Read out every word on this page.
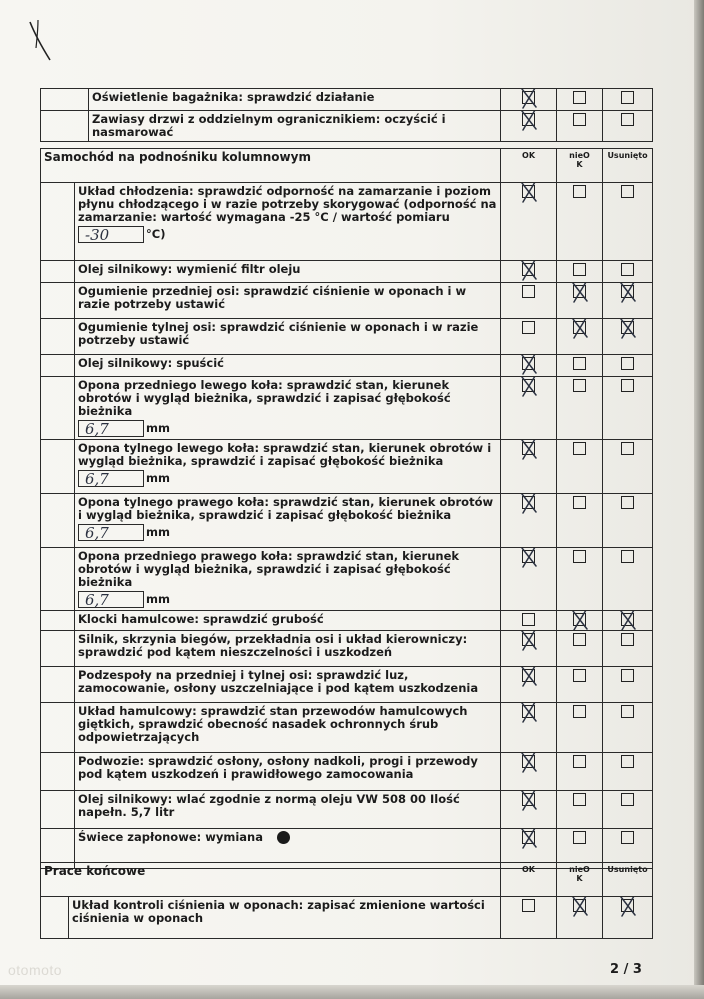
	Oświetlenie bagażnika: sprawdzić działanie	

	Zawiasy drzwi z oddzielnym ogranicznikiem: oczyścić i nasmarować	

Samochód na podnośniku kolumnowym		OK	nieO
K	Usunięto
	Układ chłodzenia: sprawdzić odporność na zamarzanie i poziom płynu chłodzącego i w razie potrzeby skorygować (odporność na zamarzanie: wartość wymagana -25 °C / wartość pomiaru
-30 °C)

	Olej silnikowy: wymienić filtr oleju	

	Ogumienie przedniej osi: sprawdzić ciśnienie w oponach i w razie potrzeby ustawić		

	Ogumienie tylnej osi: sprawdzić ciśnienie w oponach i w razie potrzeby ustawić		

	Olej silnikowy: spuścić	

	Opona przedniego lewego koła: sprawdzić stan, kierunek obrotów i wygląd bieżnika, sprawdzić i zapisać głębokość bieżnika
6,7 mm

	Opona tylnego lewego koła: sprawdzić stan, kierunek obrotów i wygląd bieżnika, sprawdzić i zapisać głębokość bieżnika
6,7 mm

	Opona tylnego prawego koła: sprawdzić stan, kierunek obrotów i wygląd bieżnika, sprawdzić i zapisać głębokość bieżnika
6,7 mm

	Opona przedniego prawego koła: sprawdzić stan, kierunek obrotów i wygląd bieżnika, sprawdzić i zapisać głębokość bieżnika
6,7 mm

	Klocki hamulcowe: sprawdzić grubość		

	Silnik, skrzynia biegów, przekładnia osi i układ kierowniczy: sprawdzić pod kątem nieszczelności i uszkodzeń	

	Podzespoły na przedniej i tylnej osi: sprawdzić luz, zamocowanie, osłony uszczelniające i pod kątem uszkodzenia	

	Układ hamulcowy: sprawdzić stan przewodów hamulcowych giętkich, sprawdzić obecność nasadek ochronnych śrub odpowietrzających	

	Podwozie: sprawdzić osłony, osłony nadkoli, progi i przewody pod kątem uszkodzeń i prawidłowego zamocowania	

	Olej silnikowy: wlać zgodnie z normą oleju VW 508 00 Ilość napełn. 5,7 litr	

	Świece zapłonowe: wymiana	

Prace końcowe		OK	nieO
K	Usunięto
	Układ kontroli ciśnienia w oponach: zapisać zmienione wartości ciśnienia w oponach		

otomoto	2 / 3
